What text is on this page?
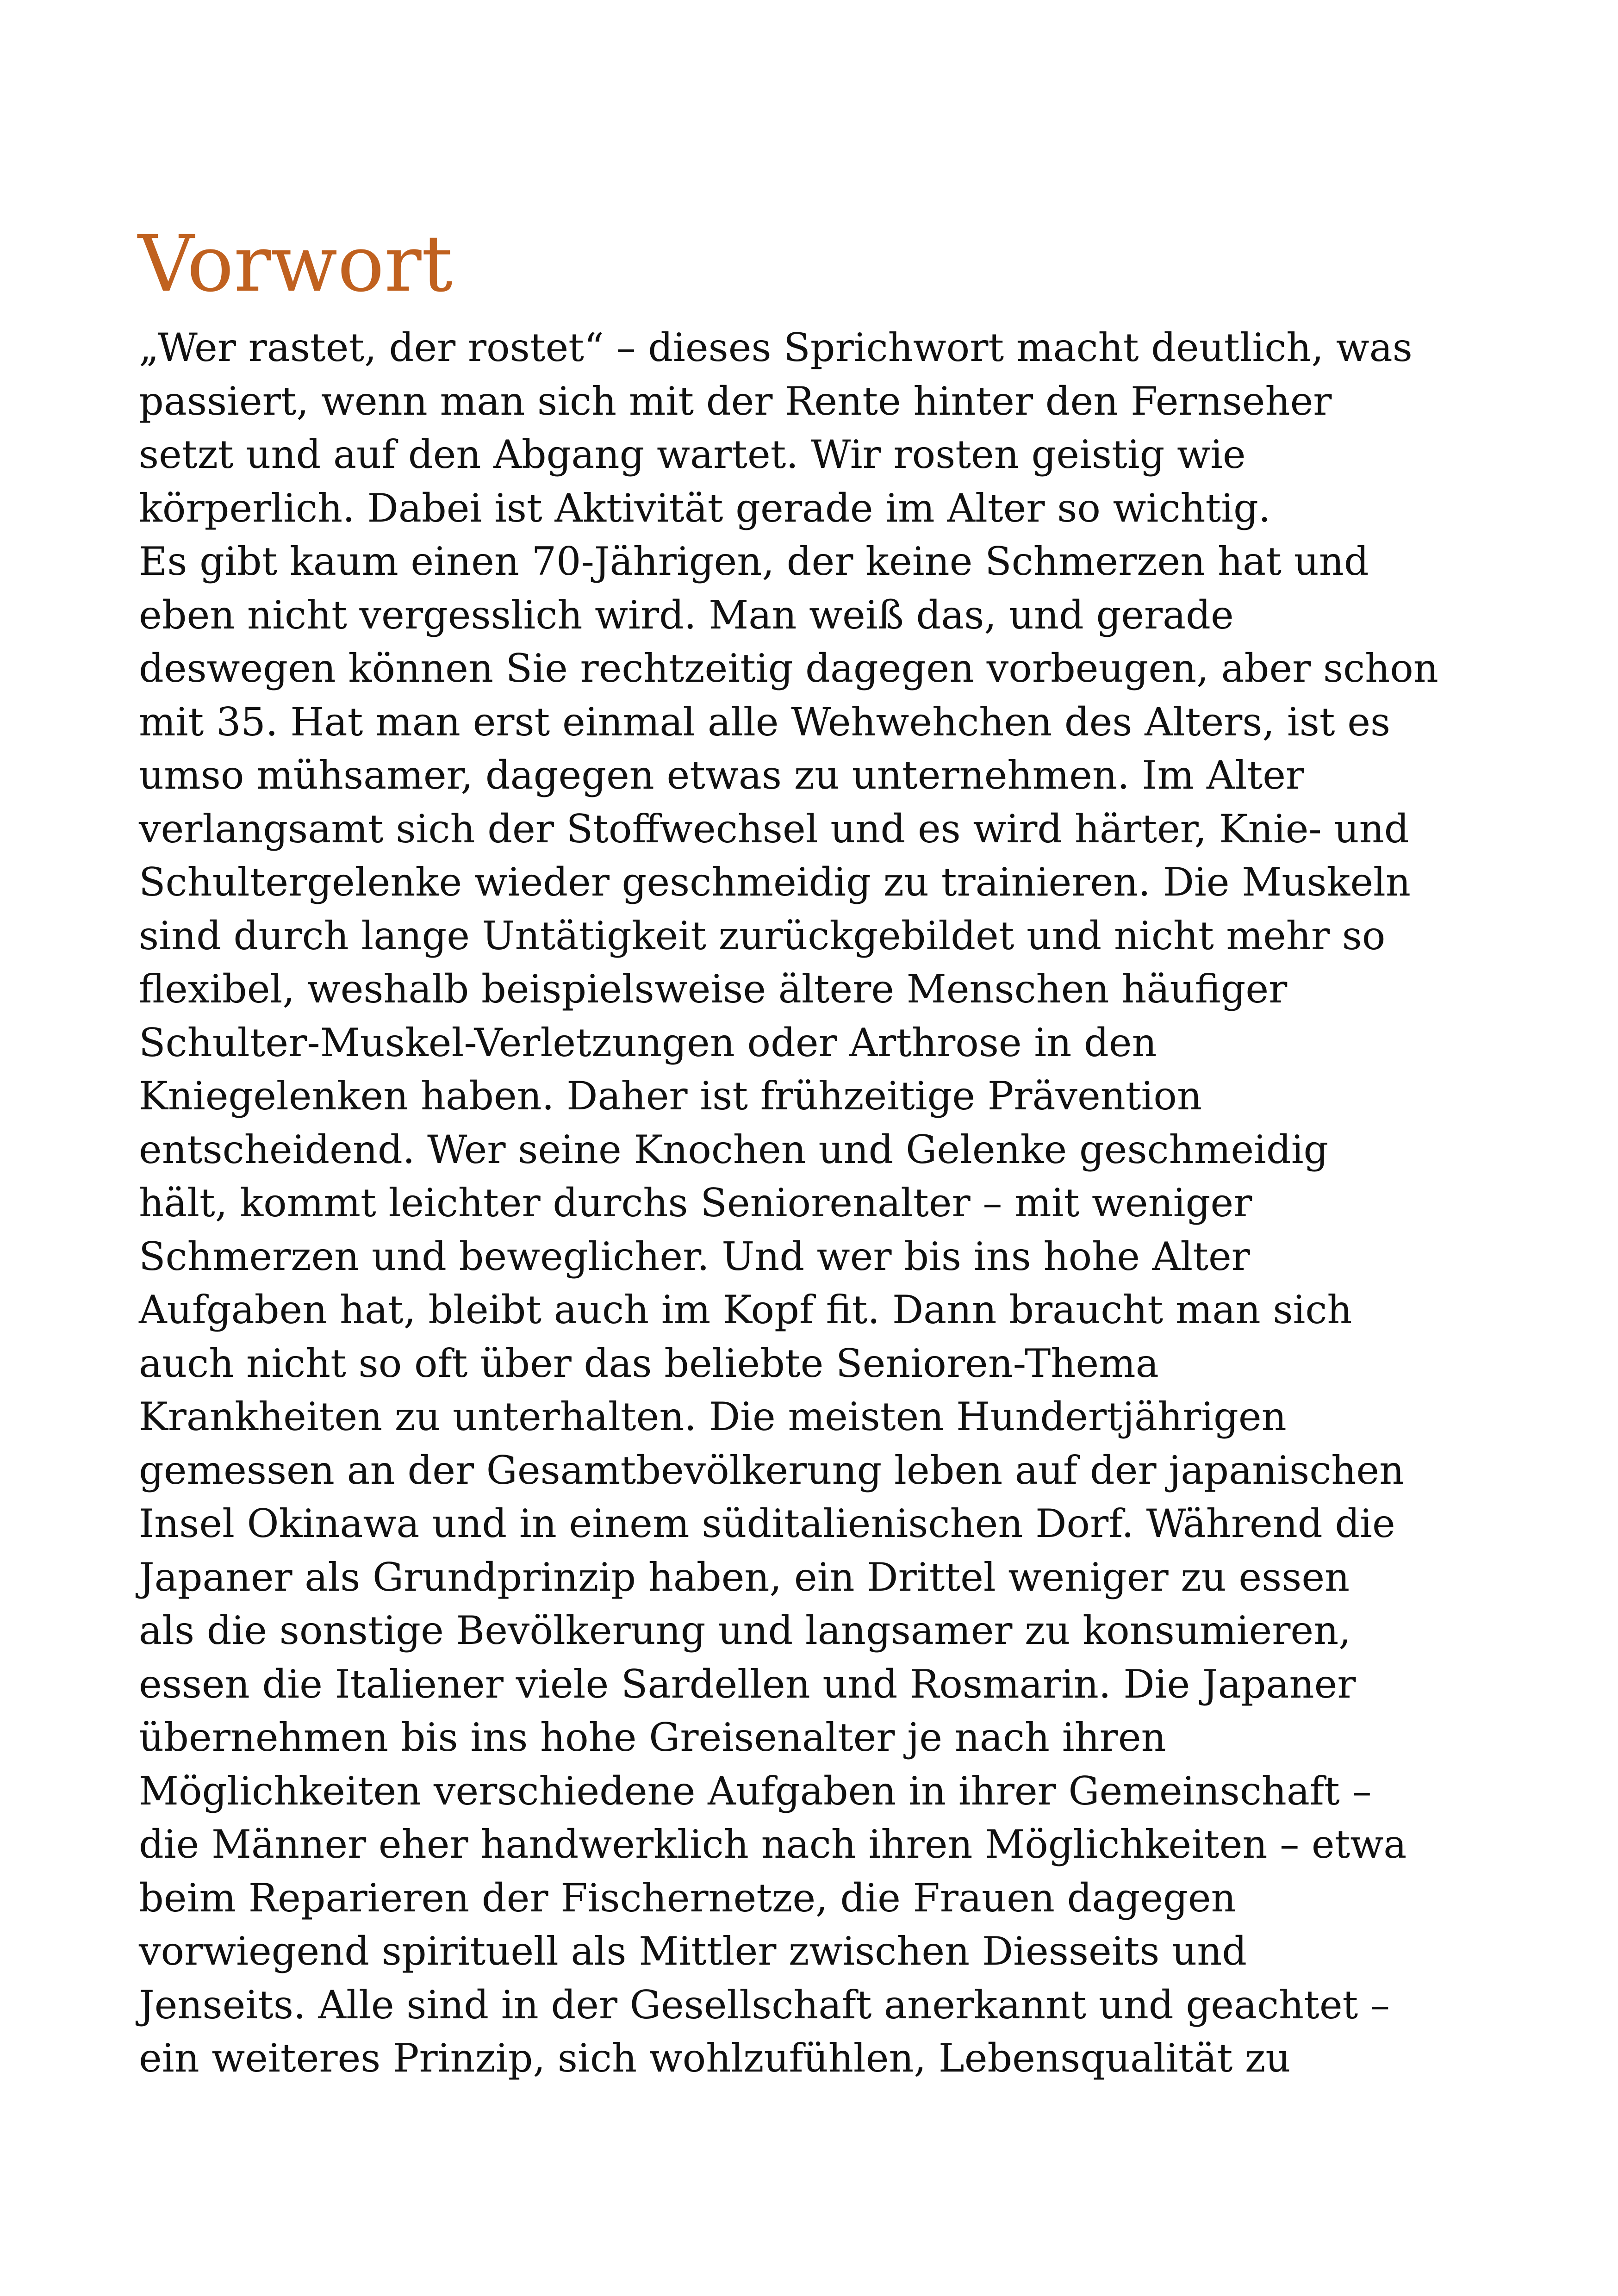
Vorwort
„Wer rastet, der rostet“ – dieses Sprichwort macht deutlich, was
passiert, wenn man sich mit der Rente hinter den Fernseher
setzt und auf den Abgang wartet. Wir rosten geistig wie
körperlich. Dabei ist Aktivität gerade im Alter so wichtig.
Es gibt kaum einen 70-Jährigen, der keine Schmerzen hat und
eben nicht vergesslich wird. Man weiß das, und gerade
deswegen können Sie rechtzeitig dagegen vorbeugen, aber schon
mit 35. Hat man erst einmal alle Wehwehchen des Alters, ist es
umso mühsamer, dagegen etwas zu unternehmen. Im Alter
verlangsamt sich der Stoffwechsel und es wird härter, Knie- und
Schultergelenke wieder geschmeidig zu trainieren. Die Muskeln
sind durch lange Untätigkeit zurückgebildet und nicht mehr so
flexibel, weshalb beispielsweise ältere Menschen häufiger
Schulter-Muskel-Verletzungen oder Arthrose in den
Kniegelenken haben. Daher ist frühzeitige Prävention
entscheidend. Wer seine Knochen und Gelenke geschmeidig
hält, kommt leichter durchs Seniorenalter – mit weniger
Schmerzen und beweglicher. Und wer bis ins hohe Alter
Aufgaben hat, bleibt auch im Kopf fit. Dann braucht man sich
auch nicht so oft über das beliebte Senioren-Thema
Krankheiten zu unterhalten. Die meisten Hundertjährigen
gemessen an der Gesamtbevölkerung leben auf der japanischen
Insel Okinawa und in einem süditalienischen Dorf. Während die
Japaner als Grundprinzip haben, ein Drittel weniger zu essen
als die sonstige Bevölkerung und langsamer zu konsumieren,
essen die Italiener viele Sardellen und Rosmarin. Die Japaner
übernehmen bis ins hohe Greisenalter je nach ihren
Möglichkeiten verschiedene Aufgaben in ihrer Gemeinschaft –
die Männer eher handwerklich nach ihren Möglichkeiten – etwa
beim Reparieren der Fischernetze, die Frauen dagegen
vorwiegend spirituell als Mittler zwischen Diesseits und
Jenseits. Alle sind in der Gesellschaft anerkannt und geachtet –
ein weiteres Prinzip, sich wohlzufühlen, Lebensqualität zu
